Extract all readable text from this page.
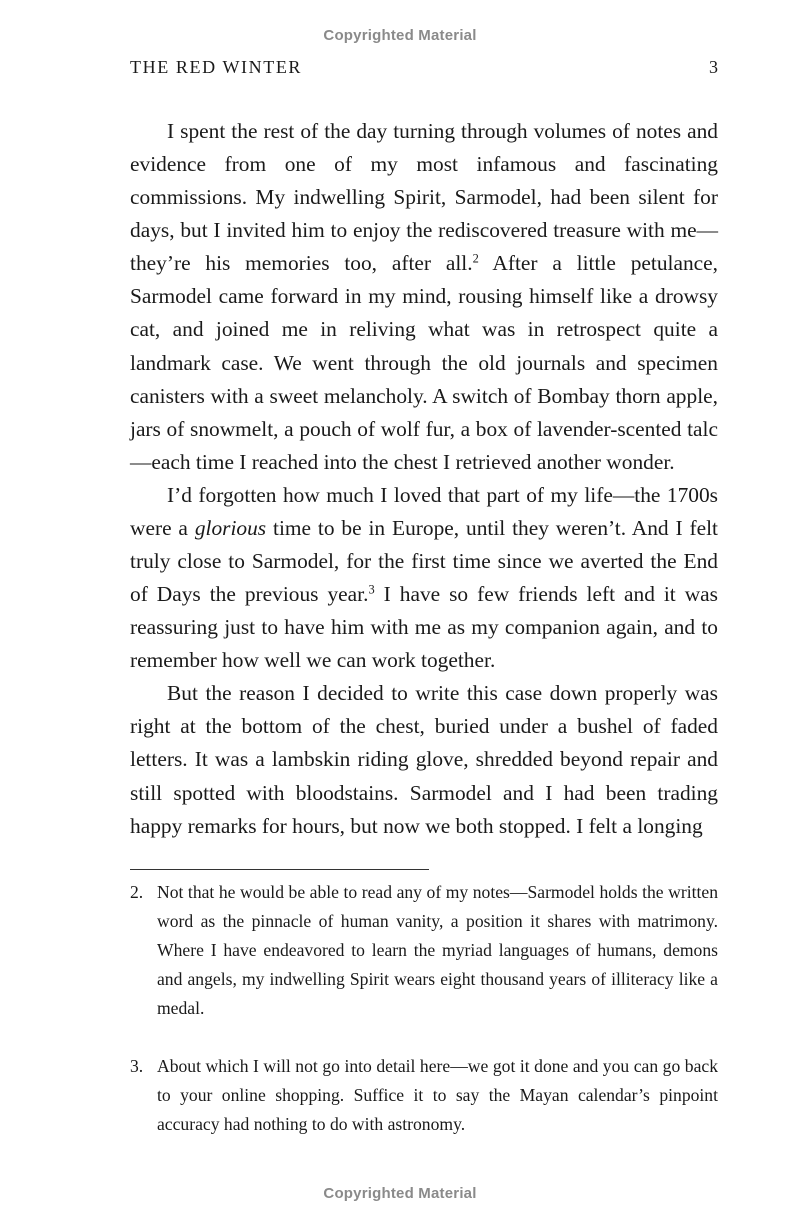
Copyrighted Material
THE RED WINTER	3

I spent the rest of the day turning through volumes of notes and evidence from one of my most infamous and fascinating commissions. My indwelling Spirit, Sarmodel, had been silent for days, but I invited him to enjoy the rediscovered treasure with me—they’re his memories too, after all.$^2$ After a little petulance, Sarmodel came forward in my mind, rousing himself like a drowsy cat, and joined me in reliving what was in retrospect quite a landmark case. We went through the old journals and specimen canisters with a sweet melancholy. A switch of Bombay thorn apple, jars of snowmelt, a pouch of wolf fur, a box of lavender-scented talc—each time I reached into the chest I retrieved another wonder.

I’d forgotten how much I loved that part of my life—the 1700s were a glorious time to be in Europe, until they weren’t. And I felt truly close to Sarmodel, for the first time since we averted the End of Days the previous year.$^3$ I have so few friends left and it was reassuring just to have him with me as my companion again, and to remember how well we can work together.

But the reason I decided to write this case down properly was right at the bottom of the chest, buried under a bushel of faded letters. It was a lambskin riding glove, shredded beyond repair and still spotted with bloodstains. Sarmodel and I had been trading happy remarks for hours, but now we both stopped. I felt a longing

2. Not that he would be able to read any of my notes—Sarmodel holds the written word as the pinnacle of human vanity, a position it shares with matrimony. Where I have endeavored to learn the myriad languages of humans, demons and angels, my indwelling Spirit wears eight thousand years of illiteracy like a medal.
3. About which I will not go into detail here—we got it done and you can go back to your online shopping. Suffice it to say the Mayan calendar’s pinpoint accuracy had nothing to do with astronomy.
Copyrighted Material
